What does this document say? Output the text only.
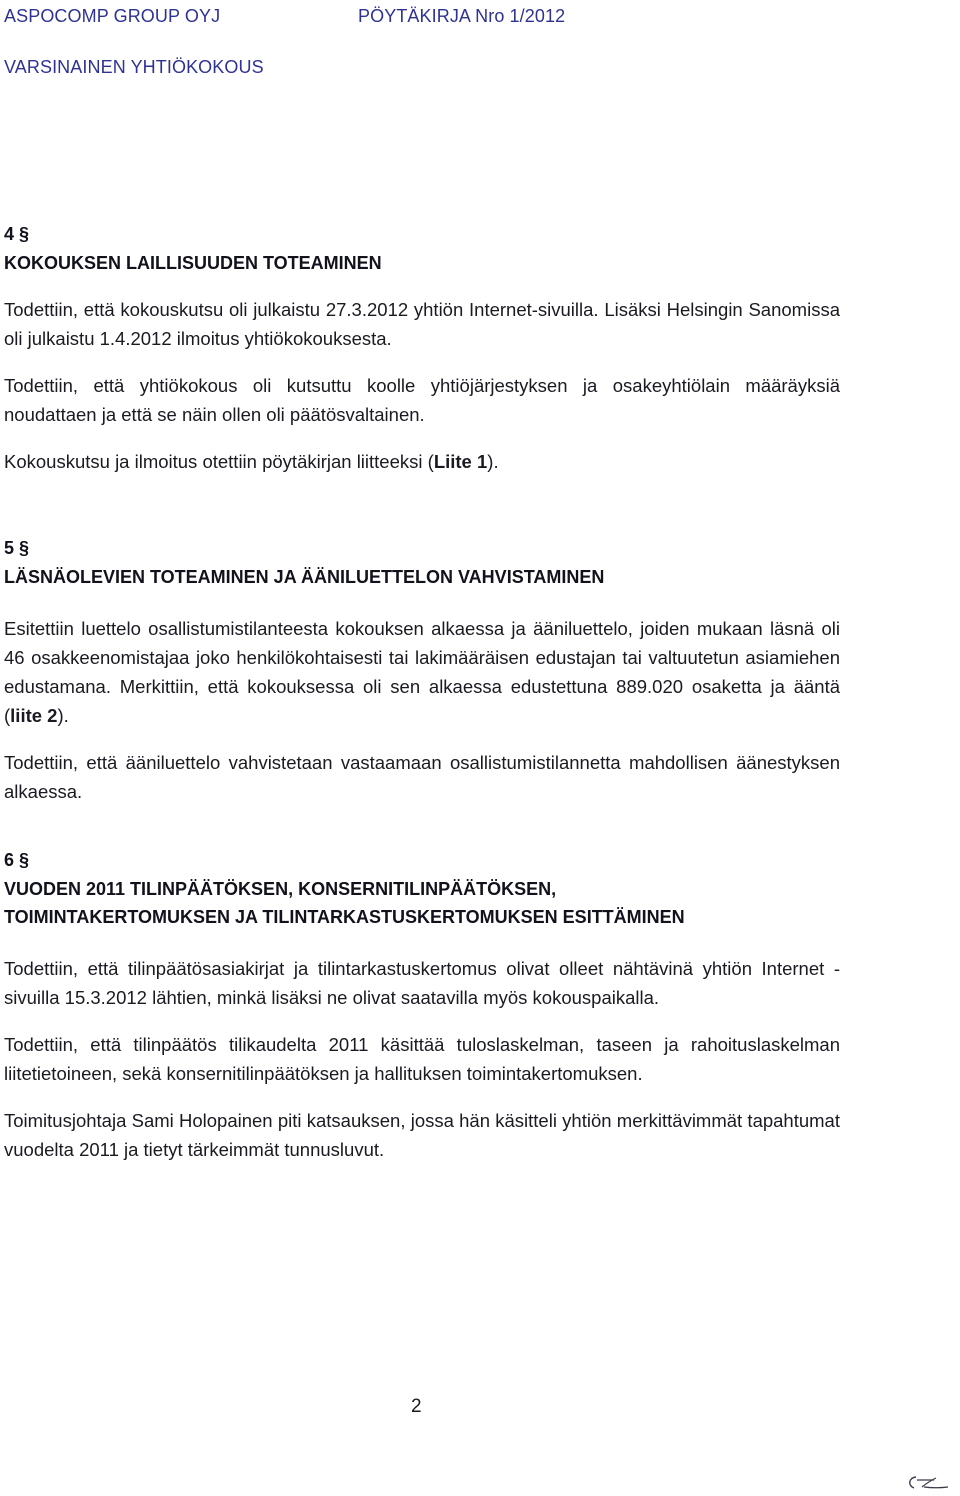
ASPOCOMP GROUP OYJ	PÖYTÄKIRJA Nro 1/2012
VARSINAINEN YHTIÖKOKOUS
4 §
KOKOUKSEN LAILLISUUDEN TOTEAMINEN

Todettiin, että kokouskutsu oli julkaistu 27.3.2012 yhtiön Internet-sivuilla. Lisäksi Helsingin Sanomissa oli julkaistu 1.4.2012 ilmoitus yhtiökokouksesta.

Todettiin, että yhtiökokous oli kutsuttu koolle yhtiöjärjestyksen ja osakeyhtiölain määräyksiä noudattaen ja että se näin ollen oli päätösvaltainen.

Kokouskutsu ja ilmoitus otettiin pöytäkirjan liitteeksi (Liite 1).

5 §
LÄSNÄOLEVIEN TOTEAMINEN JA ÄÄNILUETTELON VAHVISTAMINEN

Esitettiin luettelo osallistumistilanteesta kokouksen alkaessa ja ääniluettelo, joiden mukaan läsnä oli 46 osakkeenomistajaa joko henkilökohtaisesti tai lakimääräisen edustajan tai valtuutetun asiamiehen edustamana. Merkittiin, että kokouksessa oli sen alkaessa edustettuna 889.020 osaketta ja ääntä (liite 2).

Todettiin, että ääniluettelo vahvistetaan vastaamaan osallistumistilannetta mahdollisen äänestyksen alkaessa.

6 §
VUODEN 2011 TILINPÄÄTÖKSEN, KONSERNITILINPÄÄTÖKSEN,
TOIMINTAKERTOMUKSEN JA TILINTARKASTUSKERTOMUKSEN ESITTÄMINEN

Todettiin, että tilinpäätösasiakirjat ja tilintarkastuskertomus olivat olleet nähtävinä yhtiön Internet -sivuilla 15.3.2012 lähtien, minkä lisäksi ne olivat saatavilla myös kokouspaikalla.

Todettiin, että tilinpäätös tilikaudelta 2011 käsittää tuloslaskelman, taseen ja rahoituslaskelman liitetietoineen, sekä konsernitilinpäätöksen ja hallituksen toimintakertomuksen.

Toimitusjohtaja Sami Holopainen piti katsauksen, jossa hän käsitteli yhtiön merkittävimmät tapahtumat vuodelta 2011 ja tietyt tärkeimmät tunnusluvut.

2
